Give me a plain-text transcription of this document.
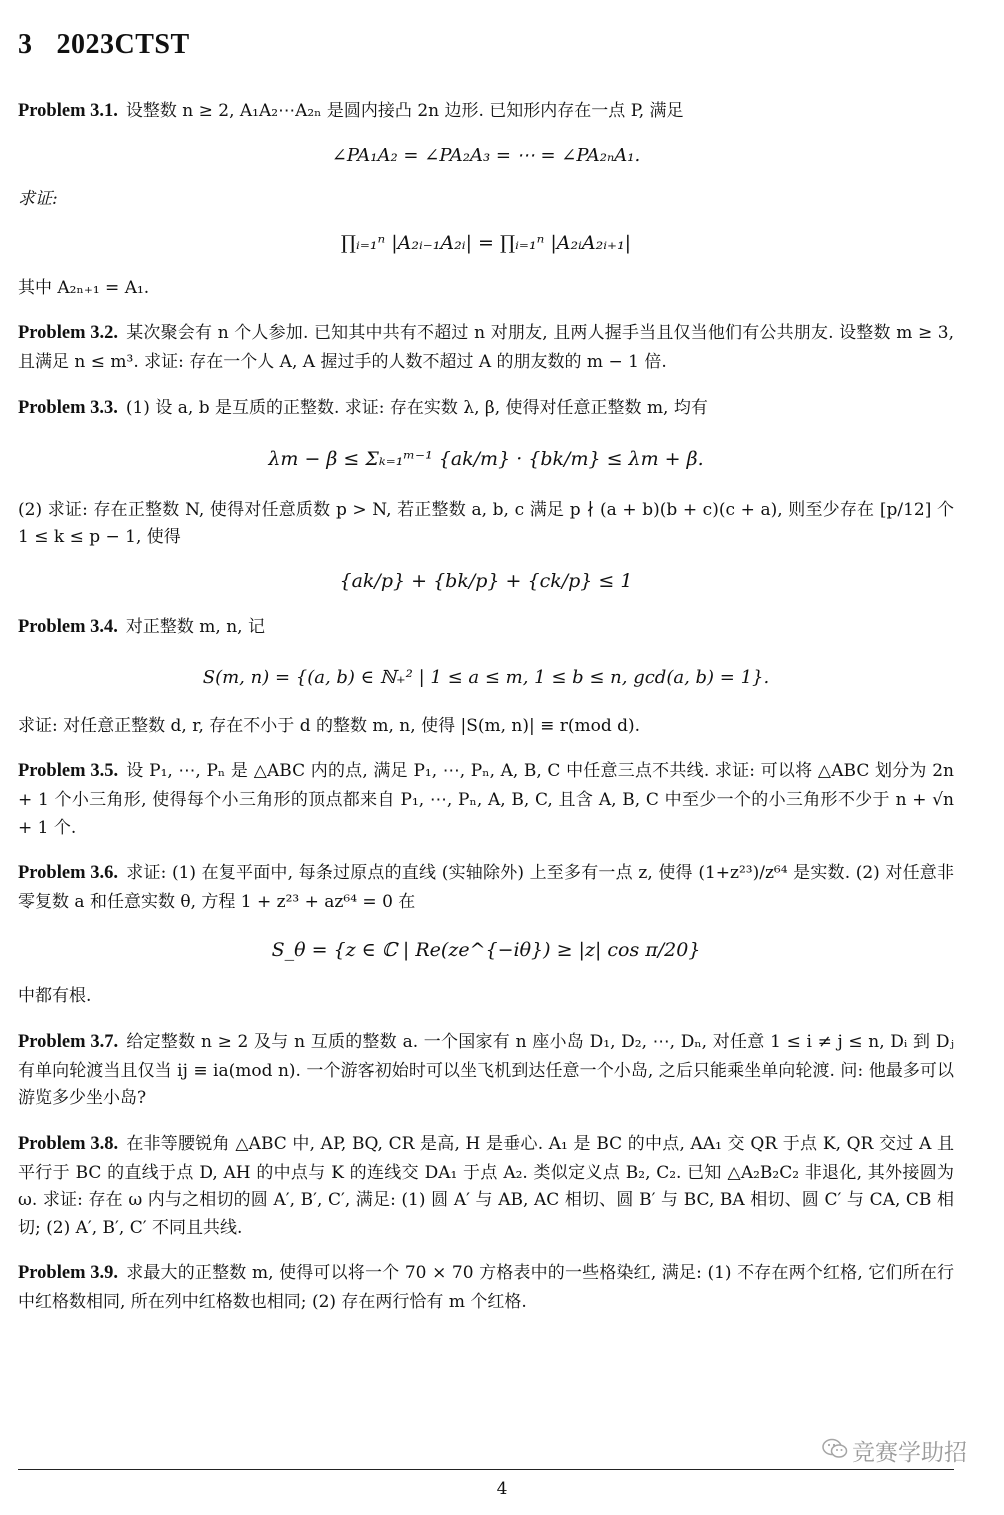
3 2023CTST
Problem 3.1. 设整数 n ≥ 2, A₁A₂⋯A₂ₙ 是圆内接凸 2n 边形. 已知形内存在一点 P, 满足
∠PA₁A₂ = ∠PA₂A₃ = ⋯ = ∠PA₂ₙA₁.
求证:
∏ᵢ₌₁ⁿ |A₂ᵢ₋₁A₂ᵢ| = ∏ᵢ₌₁ⁿ |A₂ᵢA₂ᵢ₊₁|
其中 A₂ₙ₊₁ = A₁.
Problem 3.2. 某次聚会有 n 个人参加. 已知其中共有不超过 n 对朋友, 且两人握手当且仅当他们有公共朋友. 设整数 m ≥ 3, 且满足 n ≤ m³. 求证: 存在一个人 A, A 握过手的人数不超过 A 的朋友数的 m − 1 倍.
Problem 3.3. (1) 设 a, b 是互质的正整数. 求证: 存在实数 λ, β, 使得对任意正整数 m, 均有
λm − β ≤ Σₖ₌₁ᵐ⁻¹ {ak/m} · {bk/m} ≤ λm + β.
(2) 求证: 存在正整数 N, 使得对任意质数 p > N, 若正整数 a, b, c 满足 p ∤ (a + b)(b + c)(c + a), 则至少存在 [p/12] 个 1 ≤ k ≤ p − 1, 使得
{ak/p} + {bk/p} + {ck/p} ≤ 1
Problem 3.4. 对正整数 m, n, 记
S(m, n) = {(a, b) ∈ ℕ₊² | 1 ≤ a ≤ m, 1 ≤ b ≤ n, gcd(a, b) = 1}.
求证: 对任意正整数 d, r, 存在不小于 d 的整数 m, n, 使得 |S(m, n)| ≡ r(mod d).
Problem 3.5. 设 P₁, ⋯, Pₙ 是 △ABC 内的点, 满足 P₁, ⋯, Pₙ, A, B, C 中任意三点不共线. 求证: 可以将 △ABC 划分为 2n + 1 个小三角形, 使得每个小三角形的顶点都来自 P₁, ⋯, Pₙ, A, B, C, 且含 A, B, C 中至少一个的小三角形不少于 n + √n + 1 个.
Problem 3.6. 求证: (1) 在复平面中, 每条过原点的直线 (实轴除外) 上至多有一点 z, 使得 (1+z²³)/z⁶⁴ 是实数. (2) 对任意非零复数 a 和任意实数 θ, 方程 1 + z²³ + az⁶⁴ = 0 在
S_θ = {z ∈ ℂ | Re(ze^{−iθ}) ≥ |z| cos π/20}
中都有根.
Problem 3.7. 给定整数 n ≥ 2 及与 n 互质的整数 a. 一个国家有 n 座小岛 D₁, D₂, ⋯, Dₙ, 对任意 1 ≤ i ≠ j ≤ n, Dᵢ 到 Dⱼ 有单向轮渡当且仅当 ij ≡ ia(mod n). 一个游客初始时可以坐飞机到达任意一个小岛, 之后只能乘坐单向轮渡. 问: 他最多可以游览多少坐小岛?
Problem 3.8. 在非等腰锐角 △ABC 中, AP, BQ, CR 是高, H 是垂心. A₁ 是 BC 的中点, AA₁ 交 QR 于点 K, QR 交过 A 且平行于 BC 的直线于点 D, AH 的中点与 K 的连线交 DA₁ 于点 A₂. 类似定义点 B₂, C₂. 已知 △A₂B₂C₂ 非退化, 其外接圆为 ω. 求证: 存在 ω 内与之相切的圆 A′, B′, C′, 满足: (1) 圆 A′ 与 AB, AC 相切、圆 B′ 与 BC, BA 相切、圆 C′ 与 CA, CB 相切; (2) A′, B′, C′ 不同且共线.
Problem 3.9. 求最大的正整数 m, 使得可以将一个 70 × 70 方格表中的一些格染红, 满足: (1) 不存在两个红格, 它们所在行中红格数相同, 所在列中红格数也相同; (2) 存在两行恰有 m 个红格.
竞赛学助招
4
